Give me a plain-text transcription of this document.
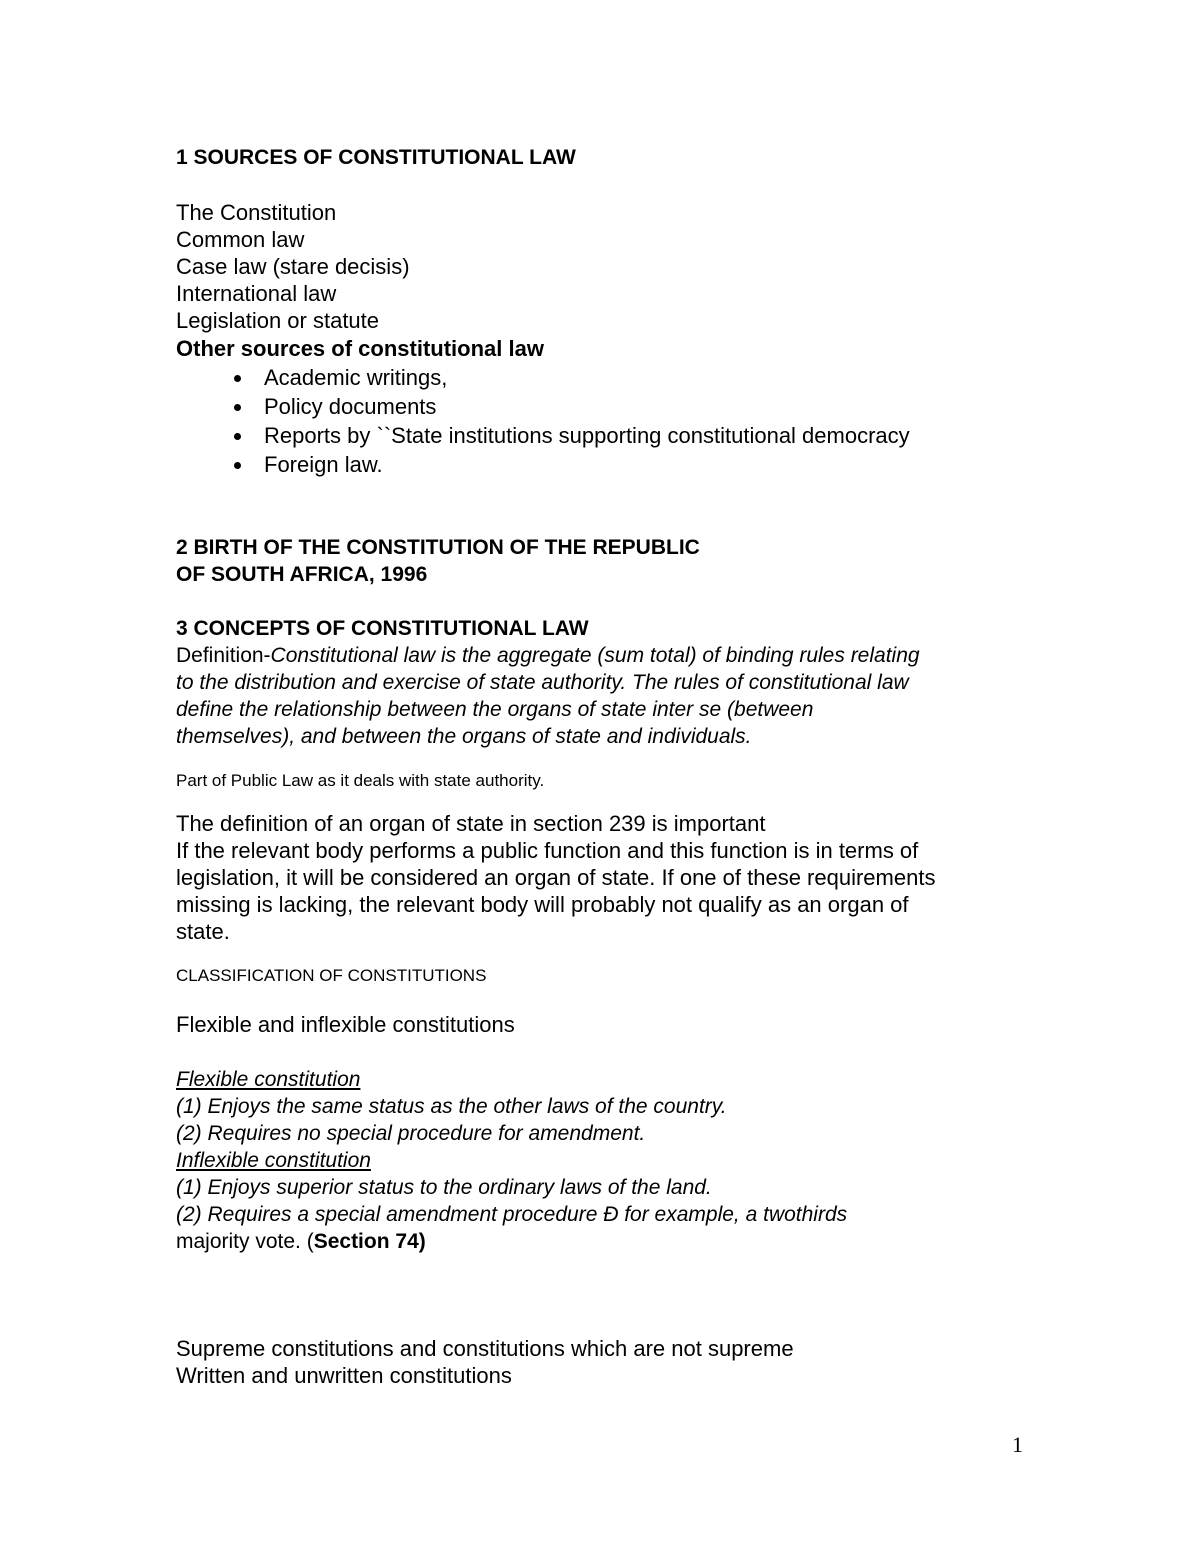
1 SOURCES OF CONSTITUTIONAL LAW

The Constitution

Common law

Case law (stare decisis)

International law

Legislation or statute

Other sources of constitutional law

Academic writings,
Policy documents
Reports by ``State institutions supporting constitutional democracy
Foreign law.

2 BIRTH OF THE CONSTITUTION OF THE REPUBLIC

OF SOUTH AFRICA, 1996

3 CONCEPTS OF CONSTITUTIONAL LAW

Definition-Constitutional law is the aggregate (sum total) of binding rules relating

to the distribution and exercise of state authority. The rules of constitutional law

define the relationship between the organs of state inter se (between

themselves), and between the organs of state and individuals.

Part of Public Law as it deals with state authority.

The definition of an organ of state in section 239 is important

If the relevant body performs a public function and this function is in terms of

legislation, it will be considered an organ of state. If one of these requirements

missing is lacking, the relevant body will probably not qualify as an organ of

state.

CLASSIFICATION OF CONSTITUTIONS

Flexible and inflexible constitutions

Flexible constitution

(1) Enjoys the same status as the other laws of the country.

(2) Requires no special procedure for amendment.

Inflexible constitution

(1) Enjoys superior status to the ordinary laws of the land.

(2) Requires a special amendment procedure Ð for example, a twothirds

majority vote. (Section 74)

Supreme constitutions and constitutions which are not supreme

Written and unwritten constitutions

1
